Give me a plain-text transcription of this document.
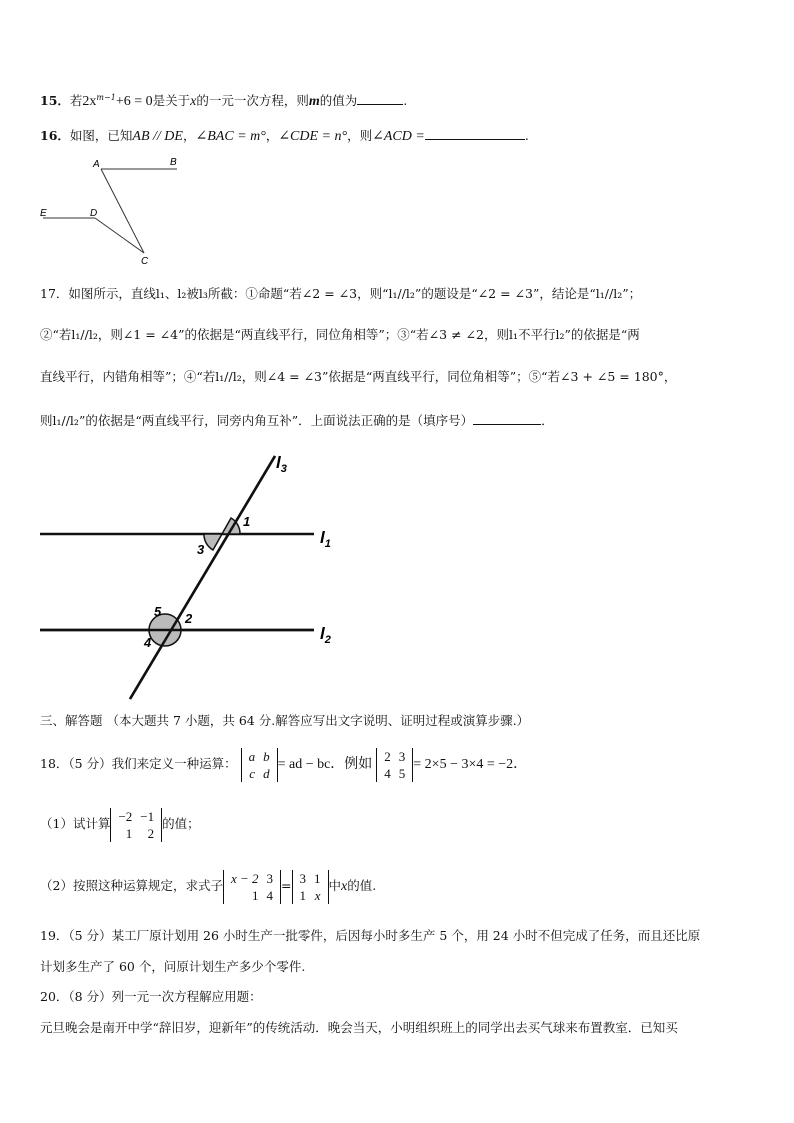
15．若$2x^{m-1}+6 = 0$是关于x的一元一次方程，则m的值为	.
16．如图，已知AB // DE，∠BAC = m°，∠CDE = n°，则∠ACD =	.
A	B
E	D
C
17．如图所示，直线l₁、l₂被l₃所截：①命题“若∠2 = ∠3，则“l₁//l₂”的题设是“∠2 = ∠3”，结论是“l₁//l₂”；
②“若l₁//l₂，则∠1 = ∠4”的依据是“两直线平行，同位角相等”；③“若∠3 ≠ ∠2，则l₁不平行l₂”的依据是“两
直线平行，内错角相等”；④“若l₁//l₂，则∠4 = ∠3”依据是“两直线平行，同位角相等”；⑤“若∠3 + ∠5 = 180°，
则l₁//l₂”的依据是“两直线平行，同旁内角互补”．上面说法正确的是（填序号）	．
$l_3$
$l_1$
$l_2$
1
3
5 2
4
三、解答题 （本大题共 7 小题，共 64 分.解答应写出文字说明、证明过程或演算步骤.）
18．（5 分）我们来定义一种运算： a	b
c	d
= ad − bc．例如
2	3
4	5
= 2×5 − 3×4 = −2．
（1）试计算 −2	−1
1	2
的值；
（2）按照这种运算规定，求式子 x − 2	3
1	4
= 3	1
1	x
中x的值.
19．（5 分）某工厂原计划用 26 小时生产一批零件，后因每小时多生产 5 个，用 24 小时不但完成了任务，而且还比原
计划多生产了 60 个，问原计划生产多少个零件.
20．（8 分）列一元一次方程解应用题：
元旦晚会是南开中学“辞旧岁，迎新年”的传统活动．晚会当天，小明组织班上的同学出去买气球来布置教室．已知买
